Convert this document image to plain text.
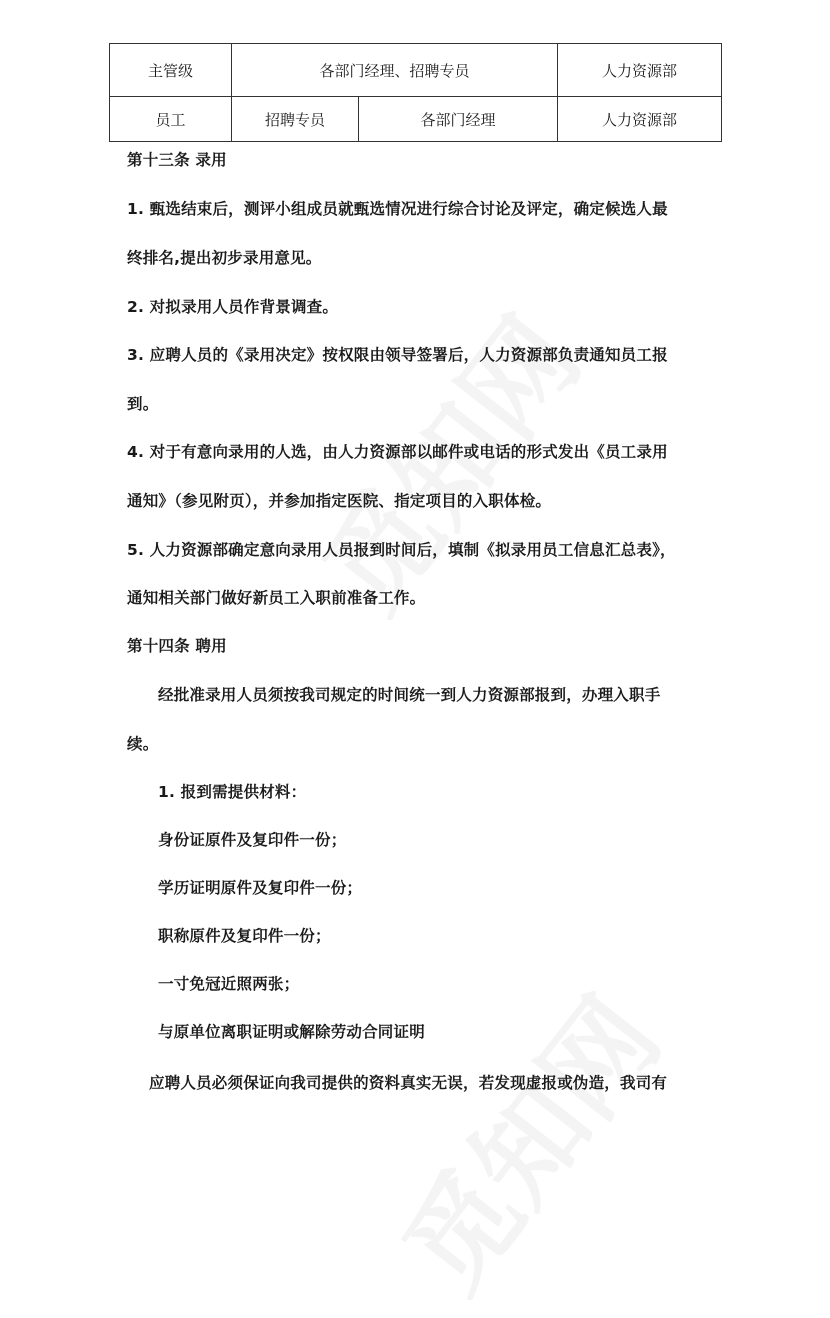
主管级	各部门经理、招聘专员		人力资源部
员工	招聘专员	各部门经理	人力资源部
第十三条 录用
1. 甄选结束后，测评小组成员就甄选情况进行综合讨论及评定，确定候选人最
终排名,提出初步录用意见。
2. 对拟录用人员作背景调查。
3. 应聘人员的《录用决定》按权限由领导签署后，人力资源部负责通知员工报
到。
4. 对于有意向录用的人选，由人力资源部以邮件或电话的形式发出《员工录用
通知》（参见附页），并参加指定医院、指定项目的入职体检。
5. 人力资源部确定意向录用人员报到时间后，填制《拟录用员工信息汇总表》，
通知相关部门做好新员工入职前准备工作。
第十四条 聘用
经批准录用人员须按我司规定的时间统一到人力资源部报到，办理入职手
续。
1. 报到需提供材料：
身份证原件及复印件一份；
学历证明原件及复印件一份；
职称原件及复印件一份；
一寸免冠近照两张；
与原单位离职证明或解除劳动合同证明
应聘人员必须保证向我司提供的资料真实无误，若发现虚报或伪造，我司有
